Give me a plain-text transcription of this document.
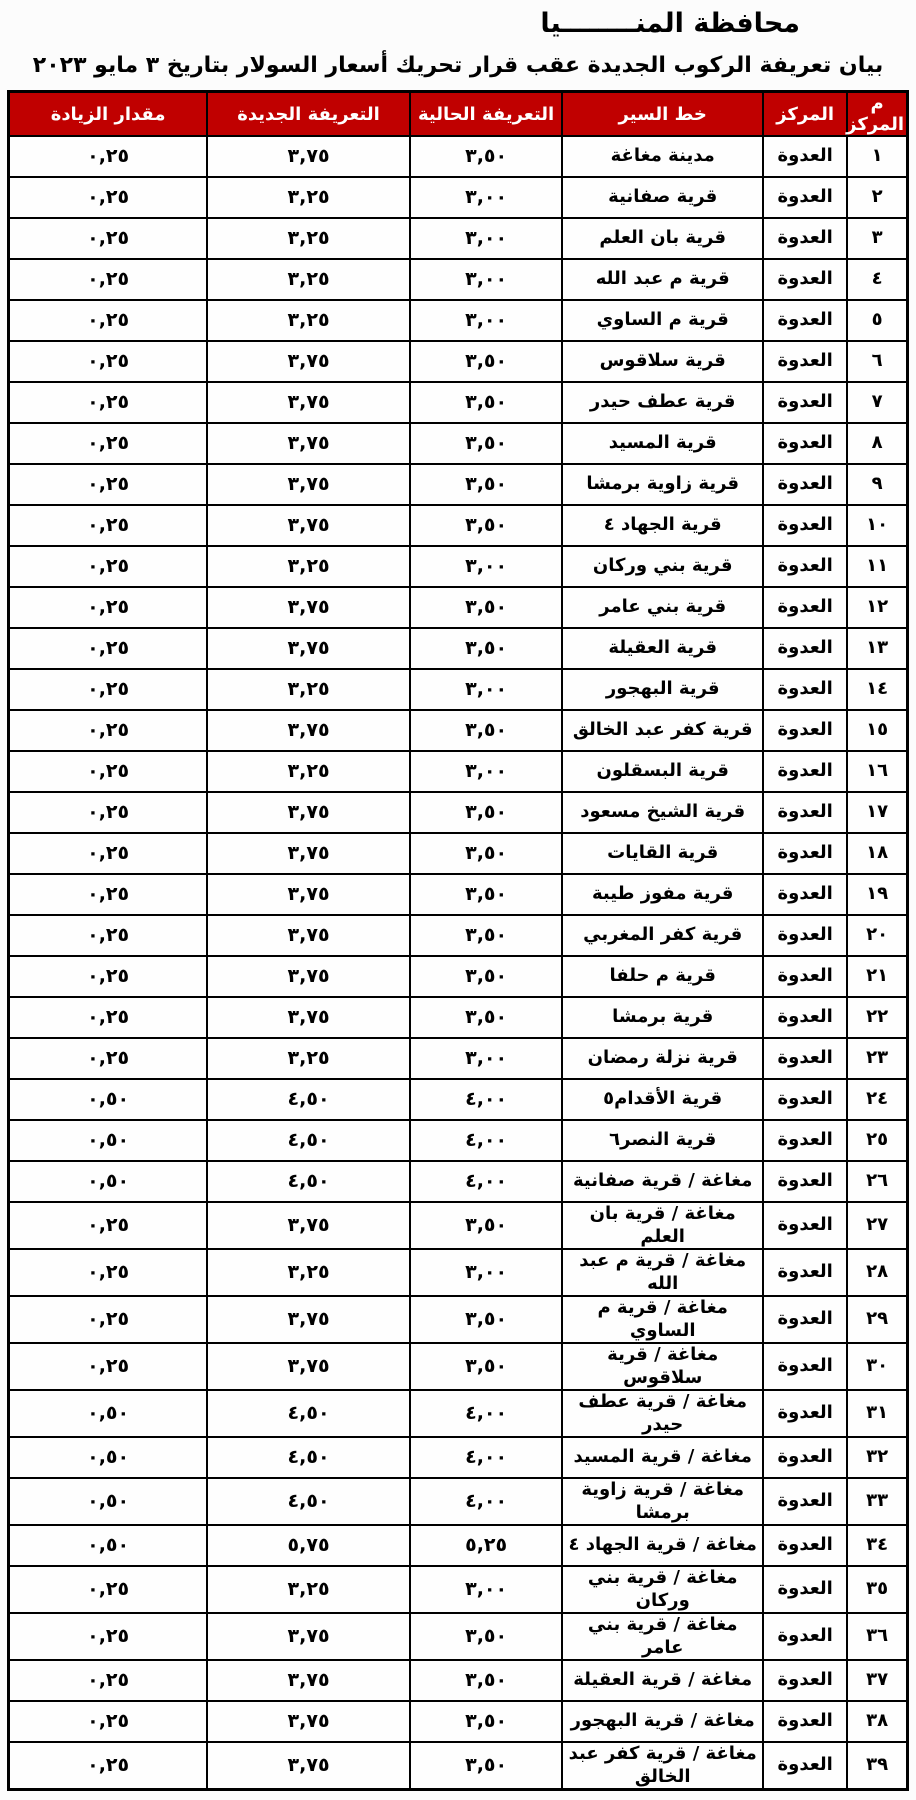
محافظة المنــــــــيا
بيان تعريفة الركوب الجديدة عقب قرار تحريك أسعار السولار بتاريخ ٣ مايو ٢٠٢٣
م المركز	المركز	خط السير	التعريفة الحالية	التعريفة الجديدة	مقدار الزيادة
١	العدوة	مدينة مغاغة	٣,٥٠	٣,٧٥	٠,٢٥
٢	العدوة	قرية صفانية	٣,٠٠	٣,٢٥	٠,٢٥
٣	العدوة	قرية بان العلم	٣,٠٠	٣,٢٥	٠,٢٥
٤	العدوة	قرية م عبد الله	٣,٠٠	٣,٢٥	٠,٢٥
٥	العدوة	قرية م الساوي	٣,٠٠	٣,٢٥	٠,٢٥
٦	العدوة	قرية سلاقوس	٣,٥٠	٣,٧٥	٠,٢٥
٧	العدوة	قرية عطف حيدر	٣,٥٠	٣,٧٥	٠,٢٥
٨	العدوة	قرية المسيد	٣,٥٠	٣,٧٥	٠,٢٥
٩	العدوة	قرية زاوية برمشا	٣,٥٠	٣,٧٥	٠,٢٥
١٠	العدوة	قرية الجهاد ٤	٣,٥٠	٣,٧٥	٠,٢٥
١١	العدوة	قرية بني وركان	٣,٠٠	٣,٢٥	٠,٢٥
١٢	العدوة	قرية بني عامر	٣,٥٠	٣,٧٥	٠,٢٥
١٣	العدوة	قرية العقيلة	٣,٥٠	٣,٧٥	٠,٢٥
١٤	العدوة	قرية البهجور	٣,٠٠	٣,٢٥	٠,٢٥
١٥	العدوة	قرية كفر عبد الخالق	٣,٥٠	٣,٧٥	٠,٢٥
١٦	العدوة	قرية البسقلون	٣,٠٠	٣,٢٥	٠,٢٥
١٧	العدوة	قرية الشيخ مسعود	٣,٥٠	٣,٧٥	٠,٢٥
١٨	العدوة	قرية القايات	٣,٥٠	٣,٧٥	٠,٢٥
١٩	العدوة	قرية مفوز طيبة	٣,٥٠	٣,٧٥	٠,٢٥
٢٠	العدوة	قرية كفر المغربي	٣,٥٠	٣,٧٥	٠,٢٥
٢١	العدوة	قرية م حلفا	٣,٥٠	٣,٧٥	٠,٢٥
٢٢	العدوة	قرية برمشا	٣,٥٠	٣,٧٥	٠,٢٥
٢٣	العدوة	قرية نزلة رمضان	٣,٠٠	٣,٢٥	٠,٢٥
٢٤	العدوة	قرية الأقدام٥	٤,٠٠	٤,٥٠	٠,٥٠
٢٥	العدوة	قرية النصر٦	٤,٠٠	٤,٥٠	٠,٥٠
٢٦	العدوة	مغاغة / قرية صفانية	٤,٠٠	٤,٥٠	٠,٥٠
٢٧	العدوة	مغاغة / قرية بان العلم	٣,٥٠	٣,٧٥	٠,٢٥
٢٨	العدوة	مغاغة / قرية م عبد الله	٣,٠٠	٣,٢٥	٠,٢٥
٢٩	العدوة	مغاغة / قرية م الساوي	٣,٥٠	٣,٧٥	٠,٢٥
٣٠	العدوة	مغاغة / قرية سلاقوس	٣,٥٠	٣,٧٥	٠,٢٥
٣١	العدوة	مغاغة / قرية عطف حيدر	٤,٠٠	٤,٥٠	٠,٥٠
٣٢	العدوة	مغاغة / قرية المسيد	٤,٠٠	٤,٥٠	٠,٥٠
٣٣	العدوة	مغاغة / قرية زاوية برمشا	٤,٠٠	٤,٥٠	٠,٥٠
٣٤	العدوة	مغاغة / قرية الجهاد ٤	٥,٢٥	٥,٧٥	٠,٥٠
٣٥	العدوة	مغاغة / قرية بني وركان	٣,٠٠	٣,٢٥	٠,٢٥
٣٦	العدوة	مغاغة / قرية بني عامر	٣,٥٠	٣,٧٥	٠,٢٥
٣٧	العدوة	مغاغة / قرية العقيلة	٣,٥٠	٣,٧٥	٠,٢٥
٣٨	العدوة	مغاغة / قرية البهجور	٣,٥٠	٣,٧٥	٠,٢٥
٣٩	العدوة	مغاغة / قرية كفر عبد الخالق	٣,٥٠	٣,٧٥	٠,٢٥
